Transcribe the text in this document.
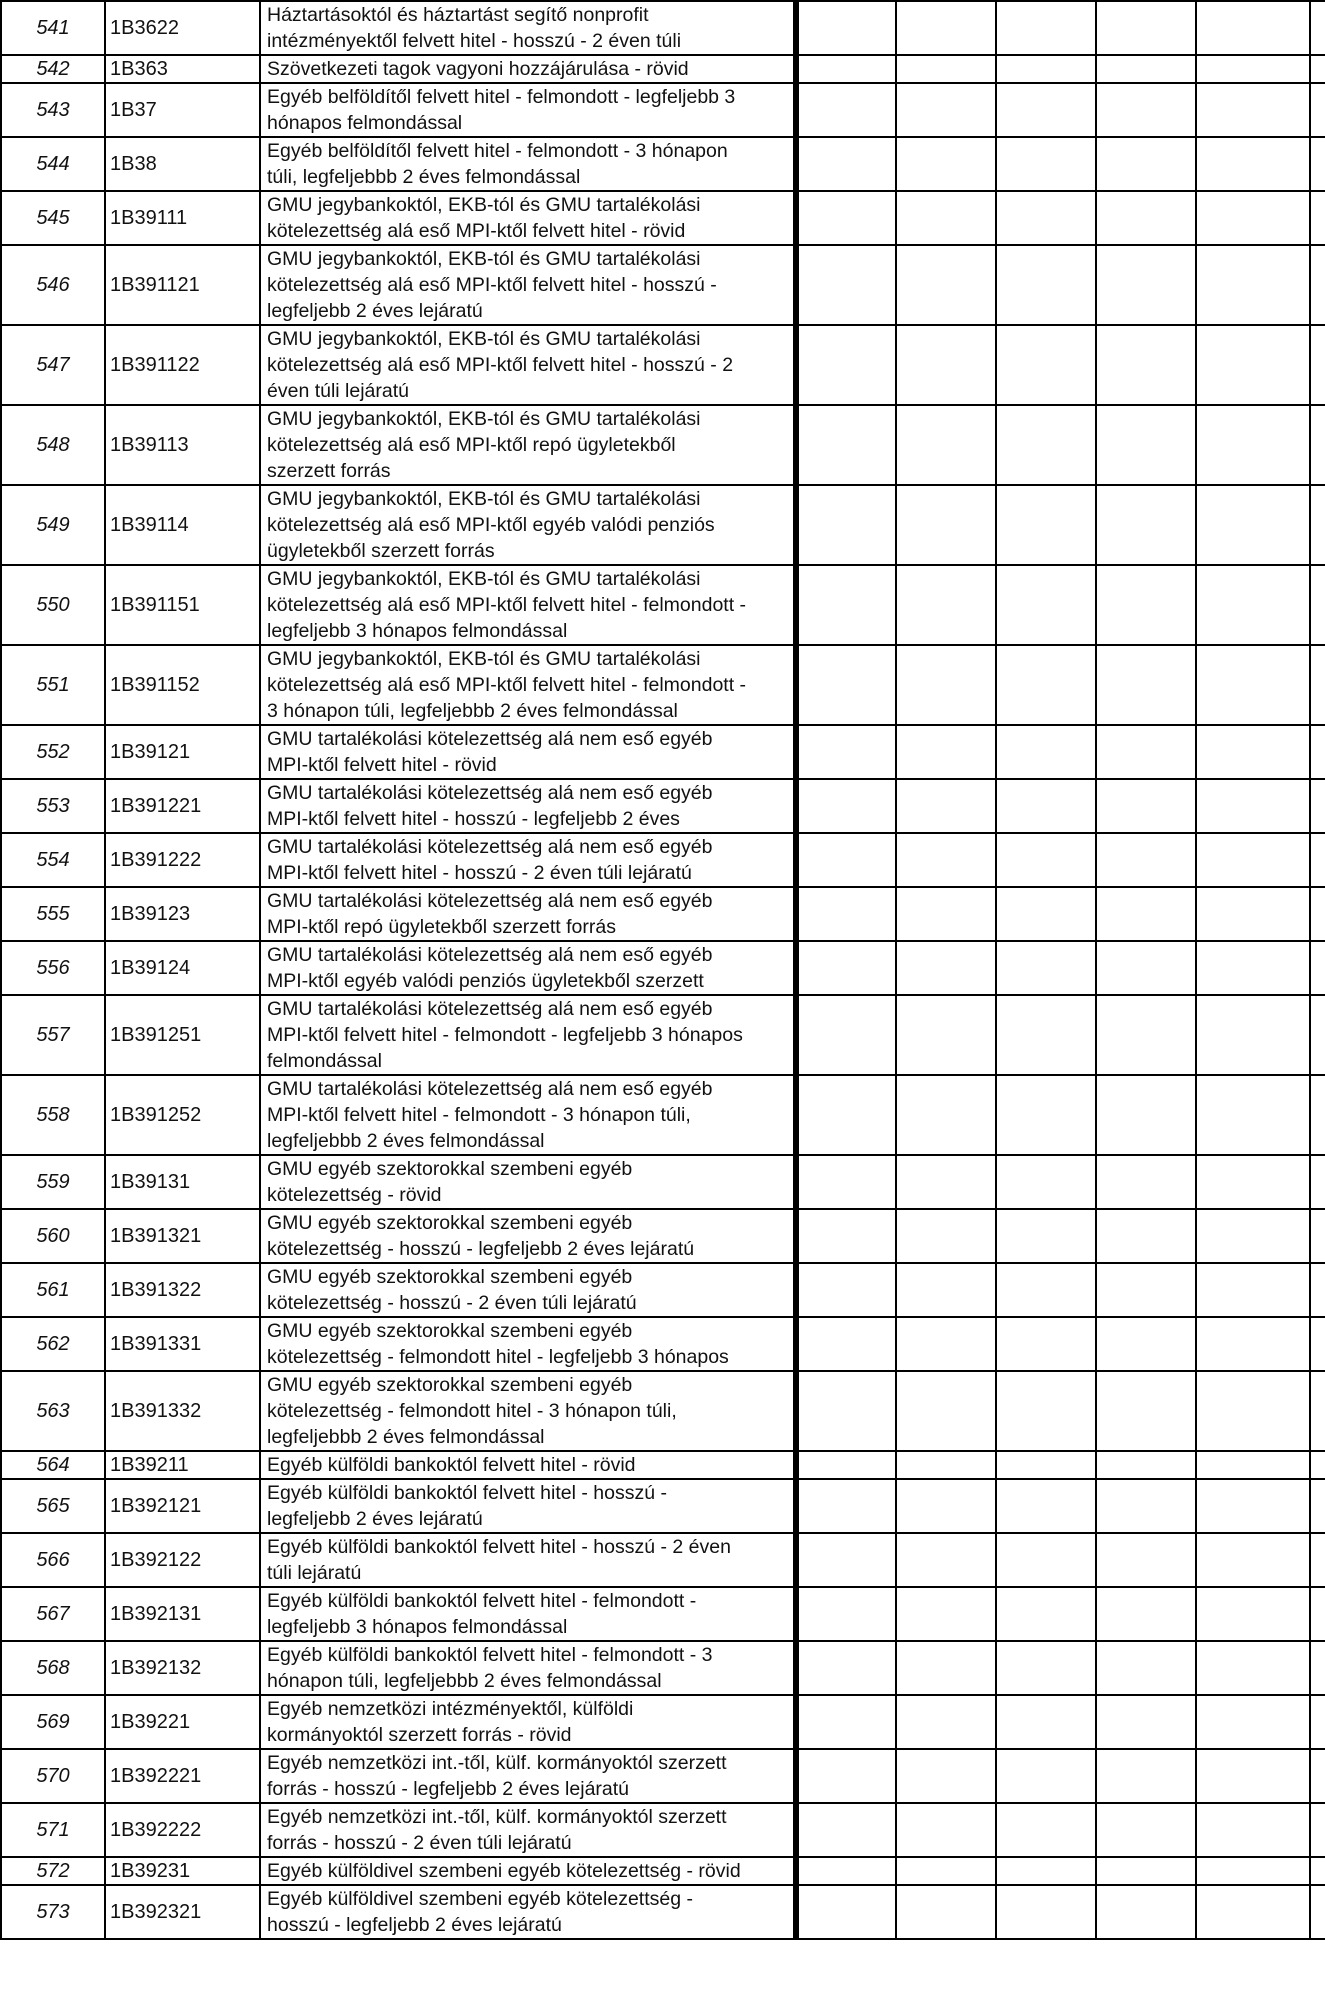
541	1B3622	Háztartásoktól és háztartást segítő nonprofit
intézményektől felvett hitel - hosszú - 2 éven túli						
542	1B363	Szövetkezeti tagok vagyoni hozzájárulása - rövid						
543	1B37	Egyéb belföldítől felvett hitel - felmondott - legfeljebb 3
hónapos felmondással						
544	1B38	Egyéb belföldítől felvett hitel - felmondott - 3 hónapon
túli, legfeljebbb 2 éves felmondással						
545	1B39111	GMU jegybankoktól, EKB-tól és GMU tartalékolási
kötelezettség alá eső MPI-ktől felvett hitel - rövid						
546	1B391121	GMU jegybankoktól, EKB-tól és GMU tartalékolási
kötelezettség alá eső MPI-ktől felvett hitel - hosszú -
legfeljebb 2 éves lejáratú						
547	1B391122	GMU jegybankoktól, EKB-tól és GMU tartalékolási
kötelezettség alá eső MPI-ktől felvett hitel - hosszú - 2
éven túli lejáratú						
548	1B39113	GMU jegybankoktól, EKB-tól és GMU tartalékolási
kötelezettség alá eső MPI-ktől repó ügyletekből
szerzett forrás						
549	1B39114	GMU jegybankoktól, EKB-tól és GMU tartalékolási
kötelezettség alá eső MPI-ktől egyéb valódi penziós
ügyletekből szerzett forrás						
550	1B391151	GMU jegybankoktól, EKB-tól és GMU tartalékolási
kötelezettség alá eső MPI-ktől felvett hitel - felmondott -
legfeljebb 3 hónapos felmondással						
551	1B391152	GMU jegybankoktól, EKB-tól és GMU tartalékolási
kötelezettség alá eső MPI-ktől felvett hitel - felmondott -
3 hónapon túli, legfeljebbb 2 éves felmondással						
552	1B39121	GMU tartalékolási kötelezettség alá nem eső egyéb
MPI-ktől felvett hitel - rövid						
553	1B391221	GMU tartalékolási kötelezettség alá nem eső egyéb
MPI-ktől felvett hitel - hosszú - legfeljebb 2 éves						
554	1B391222	GMU tartalékolási kötelezettség alá nem eső egyéb
MPI-ktől felvett hitel - hosszú - 2 éven túli lejáratú						
555	1B39123	GMU tartalékolási kötelezettség alá nem eső egyéb
MPI-ktől repó ügyletekből szerzett forrás						
556	1B39124	GMU tartalékolási kötelezettség alá nem eső egyéb
MPI-ktől egyéb valódi penziós ügyletekből szerzett						
557	1B391251	GMU tartalékolási kötelezettség alá nem eső egyéb
MPI-ktől felvett hitel - felmondott - legfeljebb 3 hónapos
felmondással						
558	1B391252	GMU tartalékolási kötelezettség alá nem eső egyéb
MPI-ktől felvett hitel - felmondott - 3 hónapon túli,
legfeljebbb 2 éves felmondással						
559	1B39131	GMU egyéb szektorokkal szembeni egyéb
kötelezettség - rövid						
560	1B391321	GMU egyéb szektorokkal szembeni egyéb
kötelezettség - hosszú - legfeljebb 2 éves lejáratú						
561	1B391322	GMU egyéb szektorokkal szembeni egyéb
kötelezettség - hosszú - 2 éven túli lejáratú						
562	1B391331	GMU egyéb szektorokkal szembeni egyéb
kötelezettség - felmondott hitel - legfeljebb 3 hónapos						
563	1B391332	GMU egyéb szektorokkal szembeni egyéb
kötelezettség - felmondott hitel - 3 hónapon túli,
legfeljebbb 2 éves felmondással						
564	1B39211	Egyéb külföldi bankoktól felvett hitel - rövid						
565	1B392121	Egyéb külföldi bankoktól felvett hitel - hosszú -
legfeljebb 2 éves lejáratú						
566	1B392122	Egyéb külföldi bankoktól felvett hitel - hosszú - 2 éven
túli lejáratú						
567	1B392131	Egyéb külföldi bankoktól felvett hitel - felmondott -
legfeljebb 3 hónapos felmondással						
568	1B392132	Egyéb külföldi bankoktól felvett hitel - felmondott - 3
hónapon túli, legfeljebbb 2 éves felmondással						
569	1B39221	Egyéb nemzetközi intézményektől, külföldi
kormányoktól szerzett forrás - rövid						
570	1B392221	Egyéb nemzetközi int.-től, külf. kormányoktól szerzett
forrás - hosszú - legfeljebb 2 éves lejáratú						
571	1B392222	Egyéb nemzetközi int.-től, külf. kormányoktól szerzett
forrás - hosszú - 2 éven túli lejáratú						
572	1B39231	Egyéb külföldivel szembeni egyéb kötelezettség - rövid						
573	1B392321	Egyéb külföldivel szembeni egyéb kötelezettség -
hosszú - legfeljebb 2 éves lejáratú						
